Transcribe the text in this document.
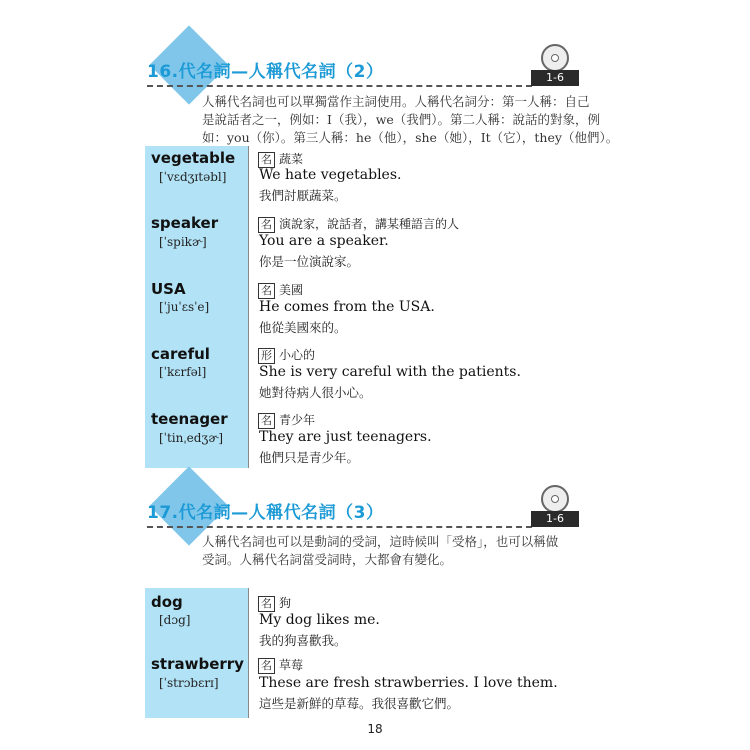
16.代名詞—人稱代名詞（2）	1-6
人稱代名詞也可以單獨當作主詞使用。人稱代名詞分：第一人稱：自己
是說話者之一，例如：I（我），we（我們）。第二人稱：說話的對象，例
如：you（你）。第三人稱：he（他），she（她），It（它），they（他們）。
vegetable
[ˈvɛdʒɪtəbl]
名 蔬菜
We hate vegetables.
我們討厭蔬菜。
speaker
[ˈspikɚ]
名 演說家，說話者，講某種語言的人
You are a speaker.
你是一位演說家。
USA
[ˈjuˈɛsˈe]
名 美國
He comes from the USA.
他從美國來的。
careful
[ˈkɛrfəl]
形 小心的
She is very careful with the patients.
她對待病人很小心。
teenager
[ˈtinˌedʒɚ]
名 青少年
They are just teenagers.
他們只是青少年。
17.代名詞—人稱代名詞（3）	1-6
人稱代名詞也可以是動詞的受詞，這時候叫「受格」，也可以稱做
受詞。人稱代名詞當受詞時，大都會有變化。
dog
[dɔg]
名 狗
My dog likes me.
我的狗喜歡我。
strawberry
[ˈstrɔbɛrɪ]
名 草莓
These are fresh strawberries. I love them.
這些是新鮮的草莓。我很喜歡它們。
18
